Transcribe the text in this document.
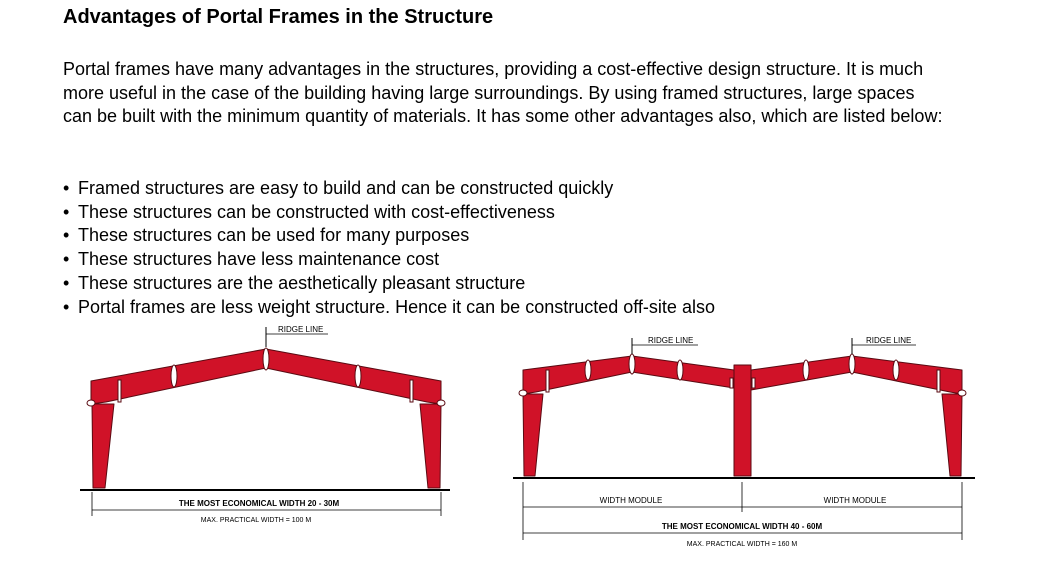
Advantages of Portal Frames in the Structure

Portal frames have many advantages in the structures, providing a cost-effective design structure. It is much more useful in the case of the building having large surroundings. By using framed structures, large spaces can be built with the minimum quantity of materials. It has some other advantages also, which are listed below:

• Framed structures are easy to build and can be constructed quickly
• These structures can be constructed with cost-effectiveness
• These structures can be used for many purposes
• These structures have less maintenance cost
• These structures are the aesthetically pleasant structure
• Portal frames are less weight structure. Hence it can be constructed off-site also
RIDGE LINE
THE MOST ECONOMICAL WIDTH 20 - 30M
MAX. PRACTICAL WIDTH = 100 M
RIDGE LINE	RIDGE LINE
WIDTH MODULE	WIDTH MODULE
THE MOST ECONOMICAL WIDTH 40 - 60M
MAX. PRACTICAL WIDTH = 160 M
